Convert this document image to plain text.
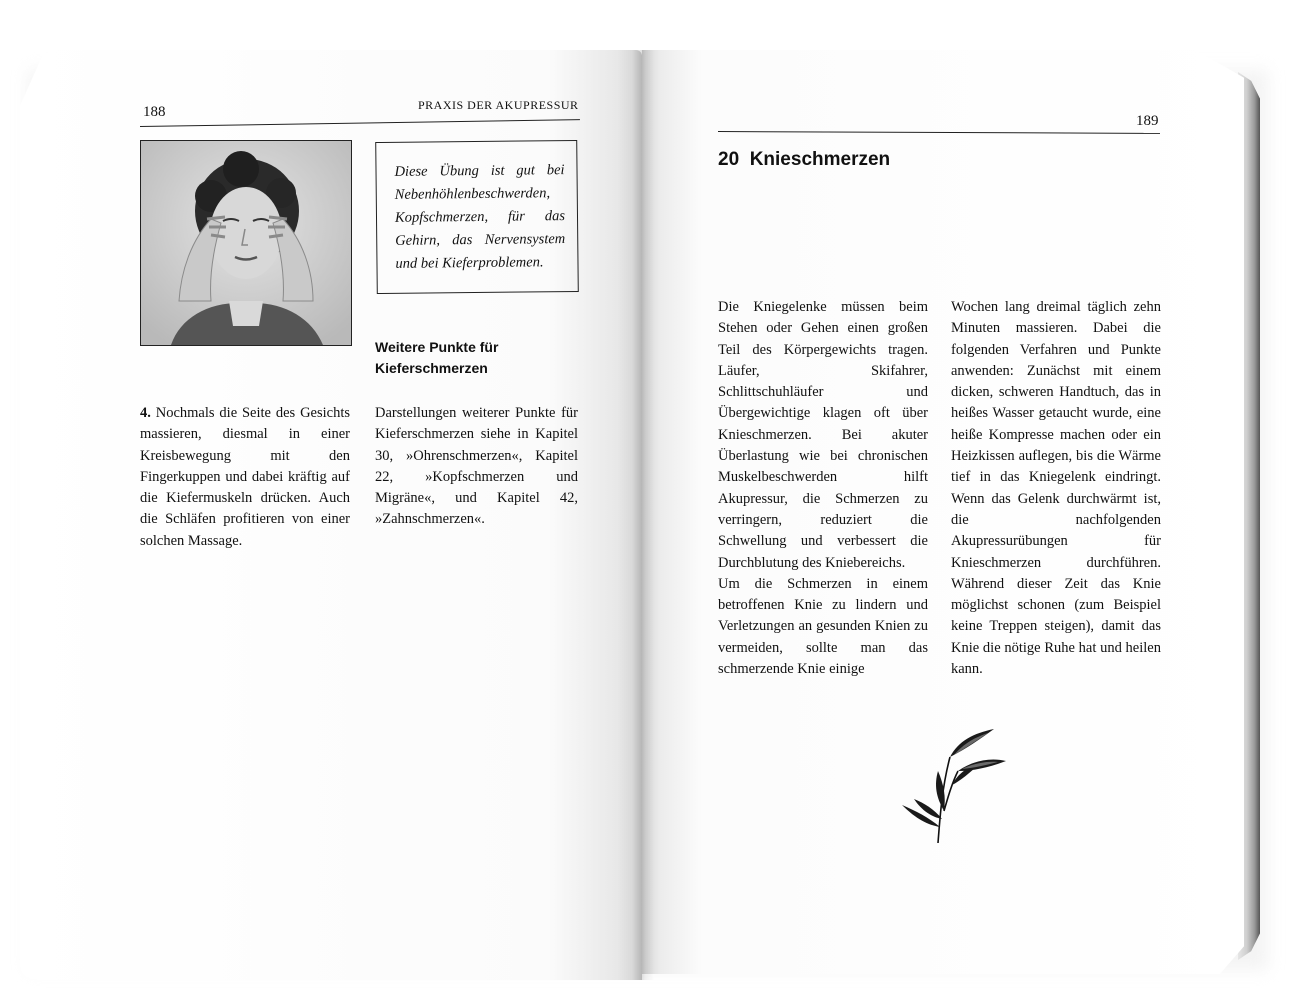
188	PRAXIS DER AKUPRESSUR
Diese Übung ist gut bei Nebenhöhlenbeschwerden, Kopfschmerzen, für das Gehirn, das Nervensystem und bei Kieferproblemen.
Weitere Punkte für Kieferschmerzen

4. Nochmals die Seite des Gesichts massieren, diesmal in einer Kreisbewegung mit den Fingerkuppen und dabei kräftig auf die Kiefermuskeln drücken. Auch die Schläfen profitieren von einer solchen Massage.

Darstellungen weiterer Punkte für Kieferschmerzen siehe in Kapitel 30, »Ohrenschmerzen«, Kapitel 22, »Kopfschmerzen und Migräne«, und Kapitel 42, »Zahnschmerzen«.

189
20 Knieschmerzen

Die Kniegelenke müssen beim Stehen oder Gehen einen großen Teil des Körpergewichts tragen. Läufer, Skifahrer, Schlittschuhläufer und Übergewichtige klagen oft über Knieschmerzen. Bei akuter Überlastung wie bei chronischen Muskelbeschwerden hilft Akupressur, die Schmerzen zu verringern, reduziert die Schwellung und verbessert die Durchblutung des Kniebereichs.

Um die Schmerzen in einem betroffenen Knie zu lindern und Verletzungen an gesunden Knien zu vermeiden, sollte man das schmerzende Knie einige

Wochen lang dreimal täglich zehn Minuten massieren. Dabei die folgenden Verfahren und Punkte anwenden: Zunächst mit einem dicken, schweren Handtuch, das in heißes Wasser getaucht wurde, eine heiße Kompresse machen oder ein Heizkissen auflegen, bis die Wärme tief in das Kniegelenk eindringt. Wenn das Gelenk durchwärmt ist, die nachfolgenden Akupressurübungen für Knieschmerzen durchführen. Während dieser Zeit das Knie möglichst schonen (zum Beispiel keine Treppen steigen), damit das Knie die nötige Ruhe hat und heilen kann.
